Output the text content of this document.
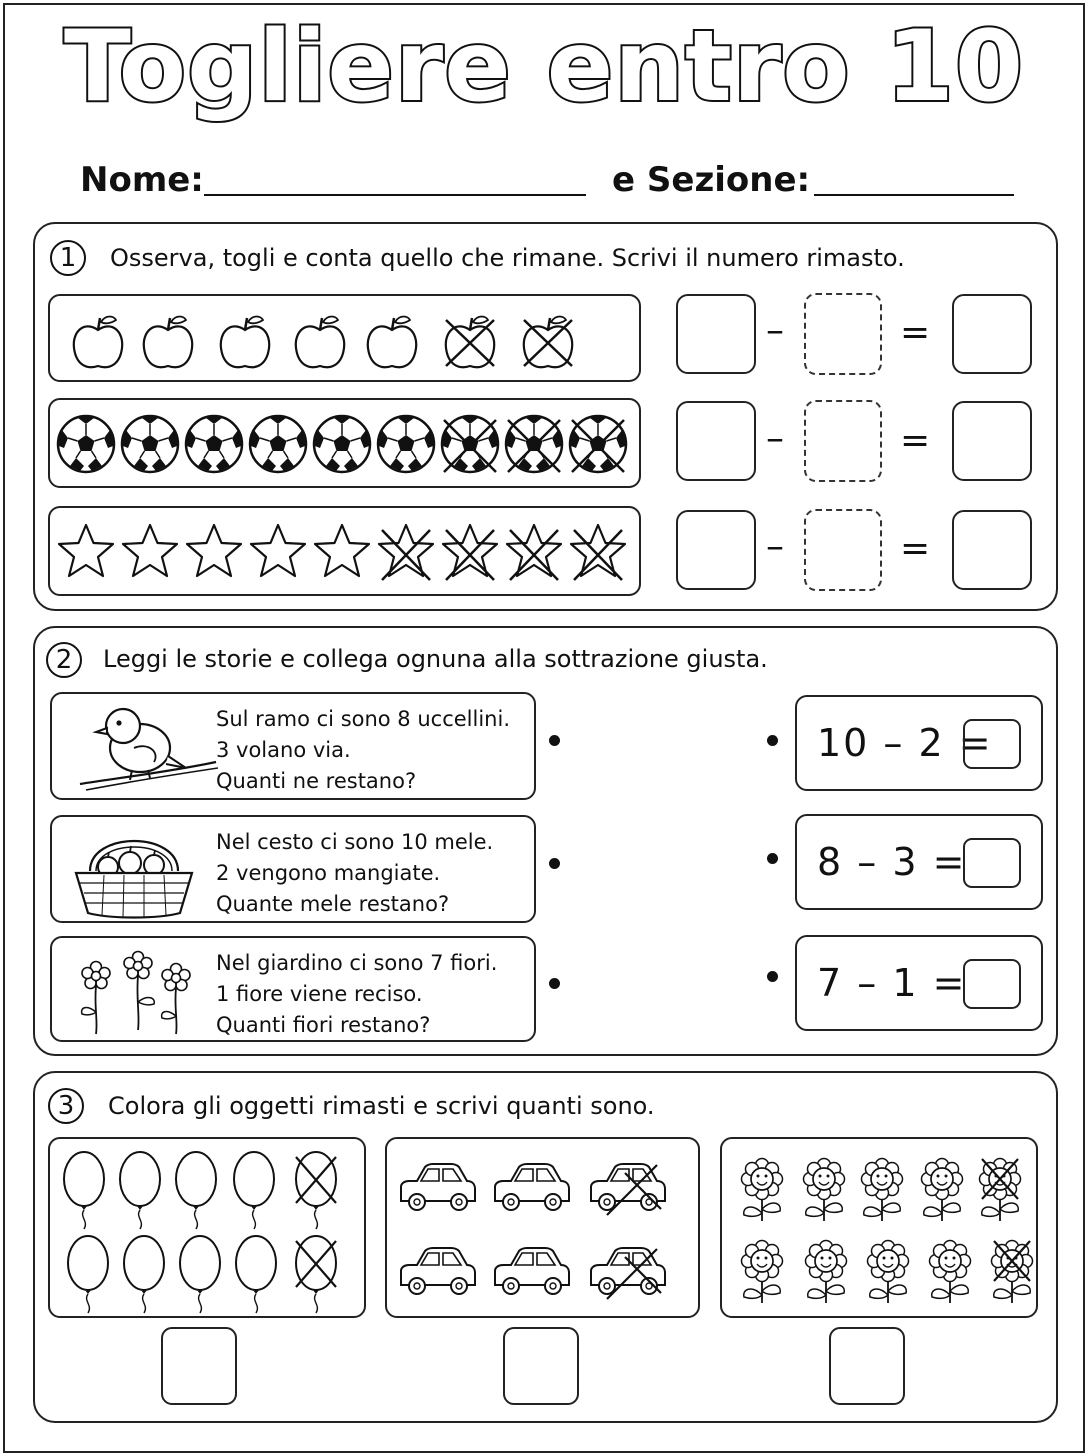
Togliere entro 10
Nome:	e Sezione:
1	Osserva, togli e conta quello che rimane. Scrivi il numero rimasto.
–	=
–	=
–	=
2	Leggi le storie e collega ognuna alla sottrazione giusta.
Sul ramo ci sono 8 uccellini.
3 volano via.
Quanti ne restano?
Nel cesto ci sono 10 mele.
2 vengono mangiate.
Quante mele restano?
Nel giardino ci sono 7 fiori.
1 fiore viene reciso.
Quanti fiori restano?
10 – 2 =
8 – 3 =
7 – 1 =
3	Colora gli oggetti rimasti e scrivi quanti sono.
